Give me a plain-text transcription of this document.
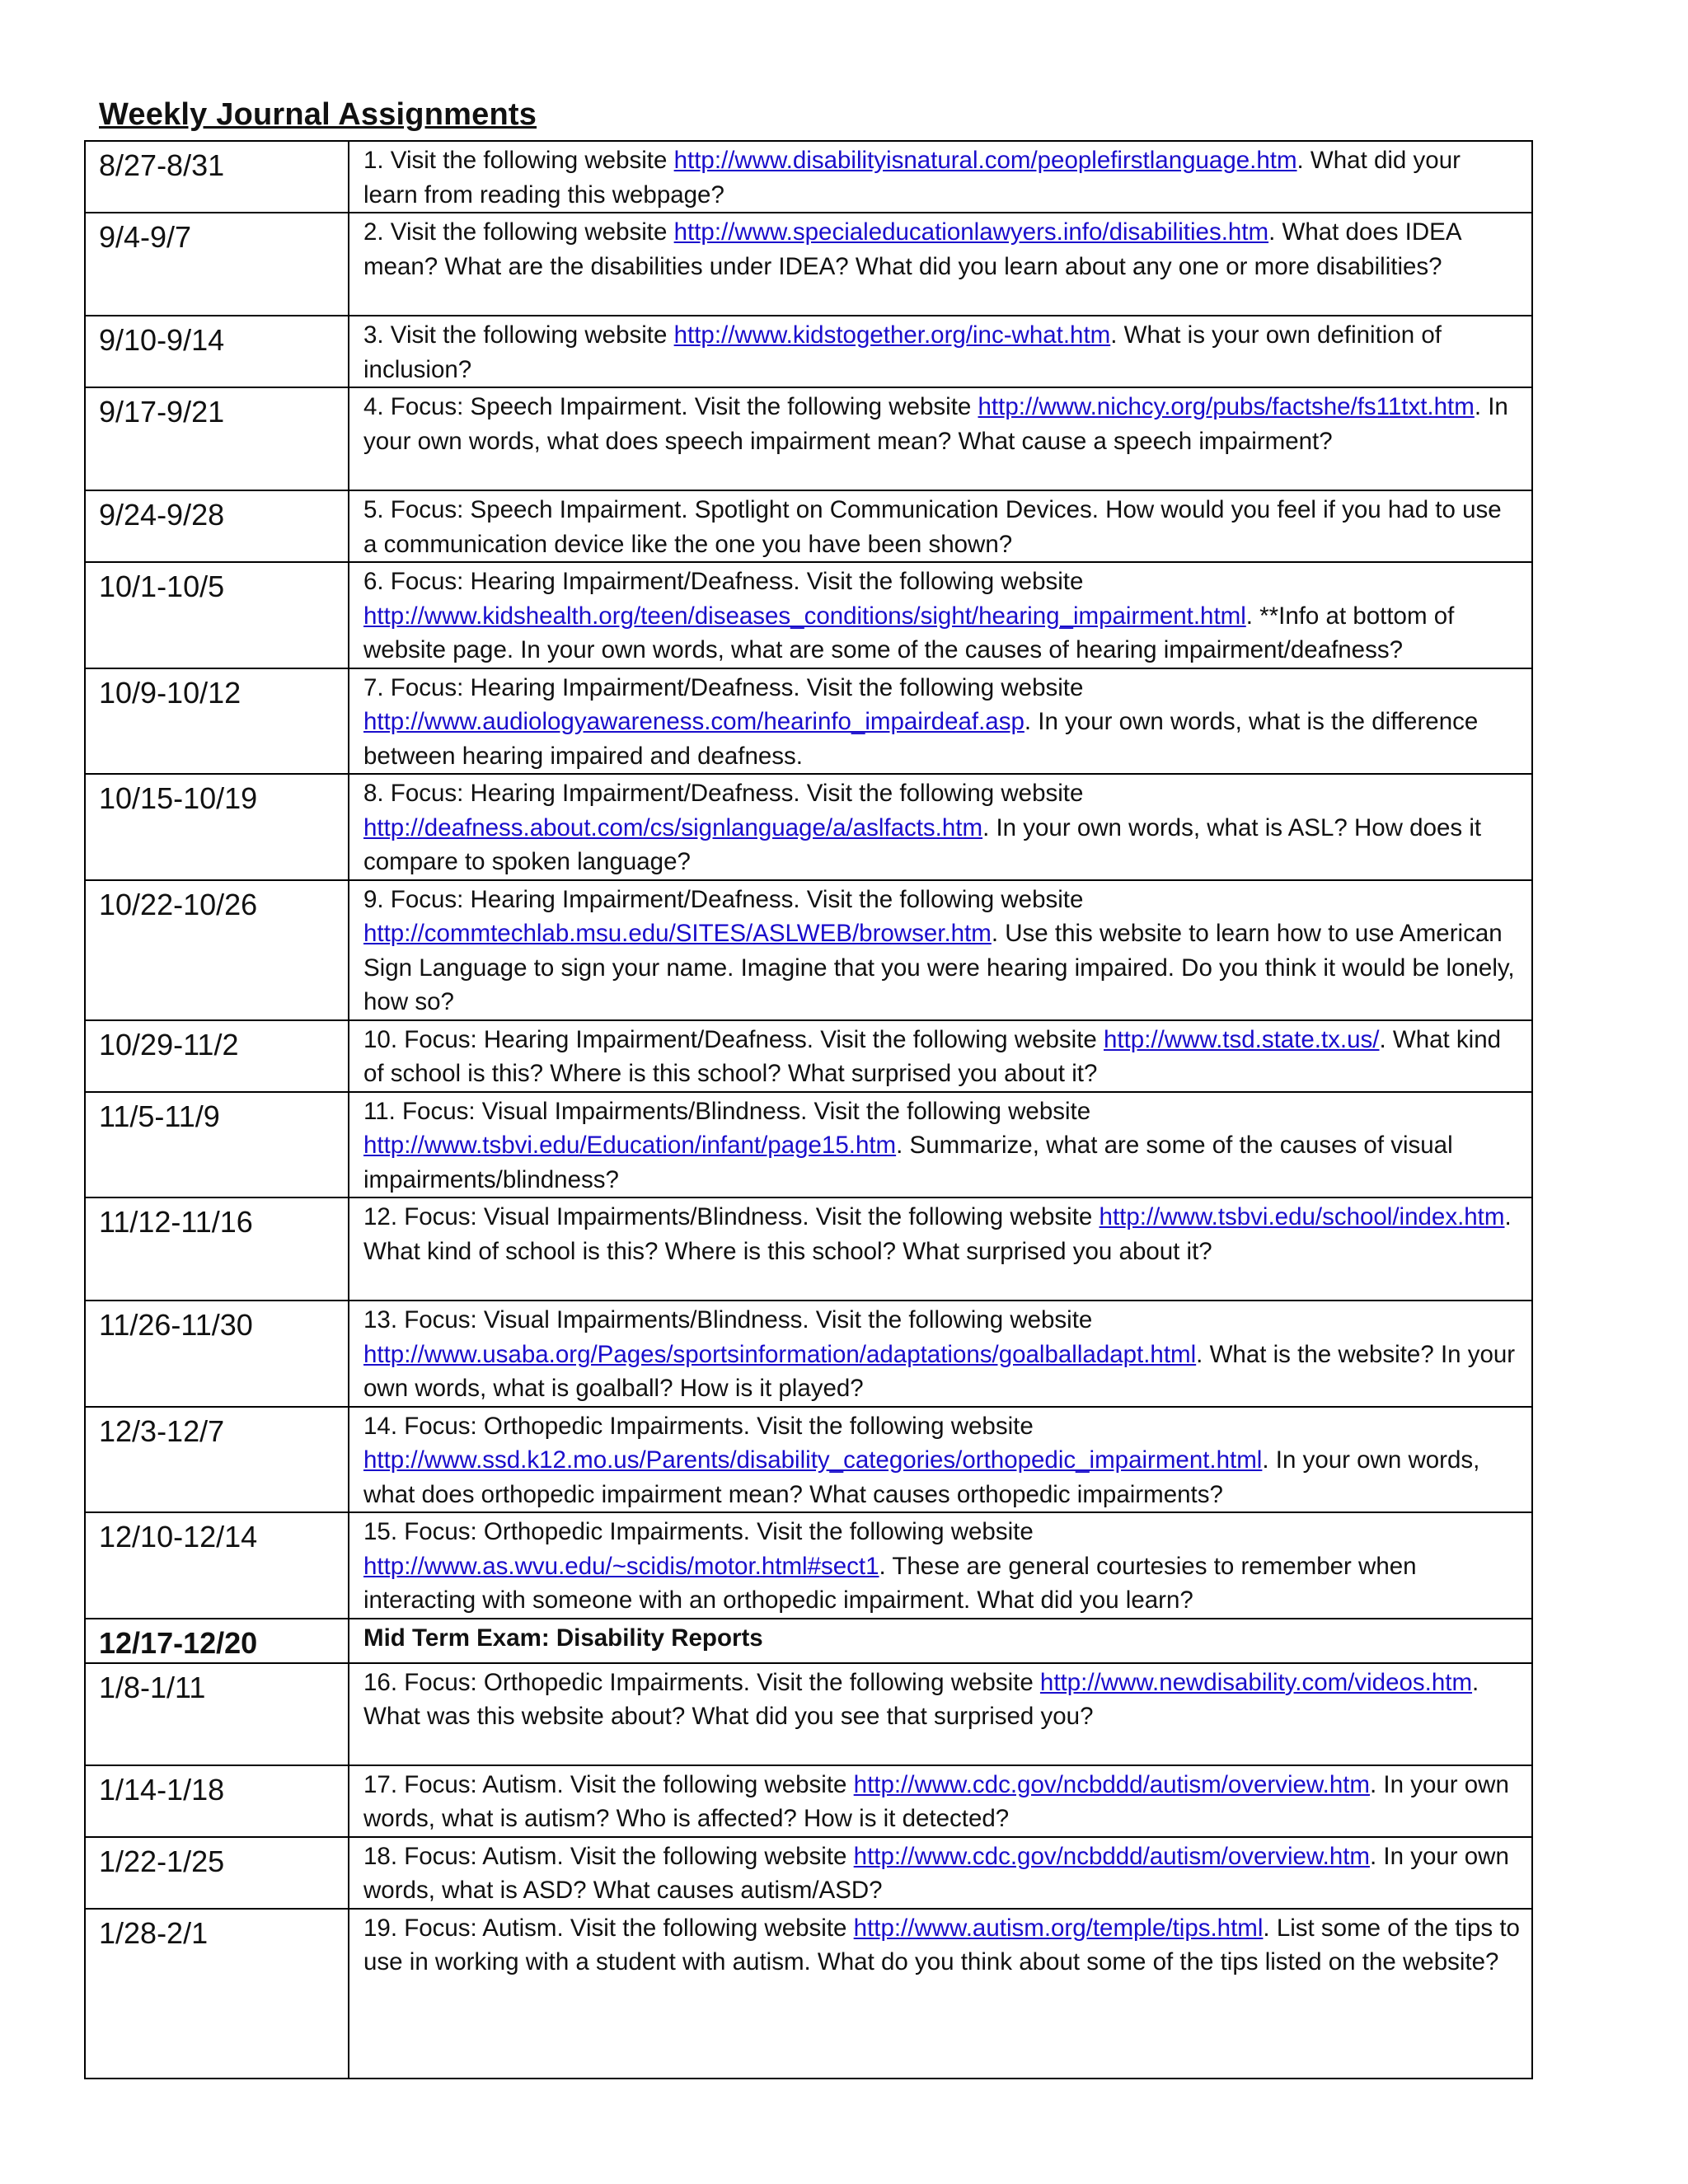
Weekly Journal Assignments
8/27-8/31	1. Visit the following website http://www.disabilityisnatural.com/peoplefirstlanguage.htm. What did your learn from reading this webpage?
9/4-9/7	2. Visit the following website http://www.specialeducationlawyers.info/disabilities.htm. What does IDEA mean? What are the disabilities under IDEA? What did you learn about any one or more disabilities?
9/10-9/14	3. Visit the following website http://www.kidstogether.org/inc-what.htm. What is your own definition of inclusion?
9/17-9/21	4. Focus: Speech Impairment. Visit the following website http://www.nichcy.org/pubs/factshe/fs11txt.htm. In your own words, what does speech impairment mean? What cause a speech impairment?
9/24-9/28	5. Focus: Speech Impairment. Spotlight on Communication Devices. How would you feel if you had to use a communication device like the one you have been shown?
10/1-10/5	6. Focus: Hearing Impairment/Deafness. Visit the following website http://www.kidshealth.org/teen/diseases_conditions/sight/hearing_impairment.html. **Info at bottom of website page. In your own words, what are some of the causes of hearing impairment/deafness?
10/9-10/12	7. Focus: Hearing Impairment/Deafness. Visit the following website http://www.audiologyawareness.com/hearinfo_impairdeaf.asp. In your own words, what is the difference between hearing impaired and deafness.
10/15-10/19	8. Focus: Hearing Impairment/Deafness. Visit the following website http://deafness.about.com/cs/signlanguage/a/aslfacts.htm. In your own words, what is ASL? How does it compare to spoken language?
10/22-10/26	9. Focus: Hearing Impairment/Deafness. Visit the following website http://commtechlab.msu.edu/SITES/ASLWEB/browser.htm. Use this website to learn how to use American Sign Language to sign your name. Imagine that you were hearing impaired. Do you think it would be lonely, how so?
10/29-11/2	10. Focus: Hearing Impairment/Deafness. Visit the following website http://www.tsd.state.tx.us/. What kind of school is this? Where is this school? What surprised you about it?
11/5-11/9	11. Focus: Visual Impairments/Blindness. Visit the following website http://www.tsbvi.edu/Education/infant/page15.htm. Summarize, what are some of the causes of visual impairments/blindness?
11/12-11/16	12. Focus: Visual Impairments/Blindness. Visit the following website http://www.tsbvi.edu/school/index.htm. What kind of school is this? Where is this school? What surprised you about it?
11/26-11/30	13. Focus: Visual Impairments/Blindness. Visit the following website http://www.usaba.org/Pages/sportsinformation/adaptations/goalballadapt.html. What is the website? In your own words, what is goalball? How is it played?
12/3-12/7	14. Focus: Orthopedic Impairments. Visit the following website http://www.ssd.k12.mo.us/Parents/disability_categories/orthopedic_impairment.html. In your own words, what does orthopedic impairment mean? What causes orthopedic impairments?
12/10-12/14	15. Focus: Orthopedic Impairments. Visit the following website http://www.as.wvu.edu/~scidis/motor.html#sect1. These are general courtesies to remember when interacting with someone with an orthopedic impairment. What did you learn?
12/17-12/20	Mid Term Exam: Disability Reports
1/8-1/11	16. Focus: Orthopedic Impairments. Visit the following website http://www.newdisability.com/videos.htm. What was this website about? What did you see that surprised you?
1/14-1/18	17. Focus: Autism. Visit the following website http://www.cdc.gov/ncbddd/autism/overview.htm. In your own words, what is autism? Who is affected? How is it detected?
1/22-1/25	18. Focus: Autism. Visit the following website http://www.cdc.gov/ncbddd/autism/overview.htm. In your own words, what is ASD? What causes autism/ASD?
1/28-2/1	19. Focus: Autism. Visit the following website http://www.autism.org/temple/tips.html. List some of the tips to use in working with a student with autism. What do you think about some of the tips listed on the website?
